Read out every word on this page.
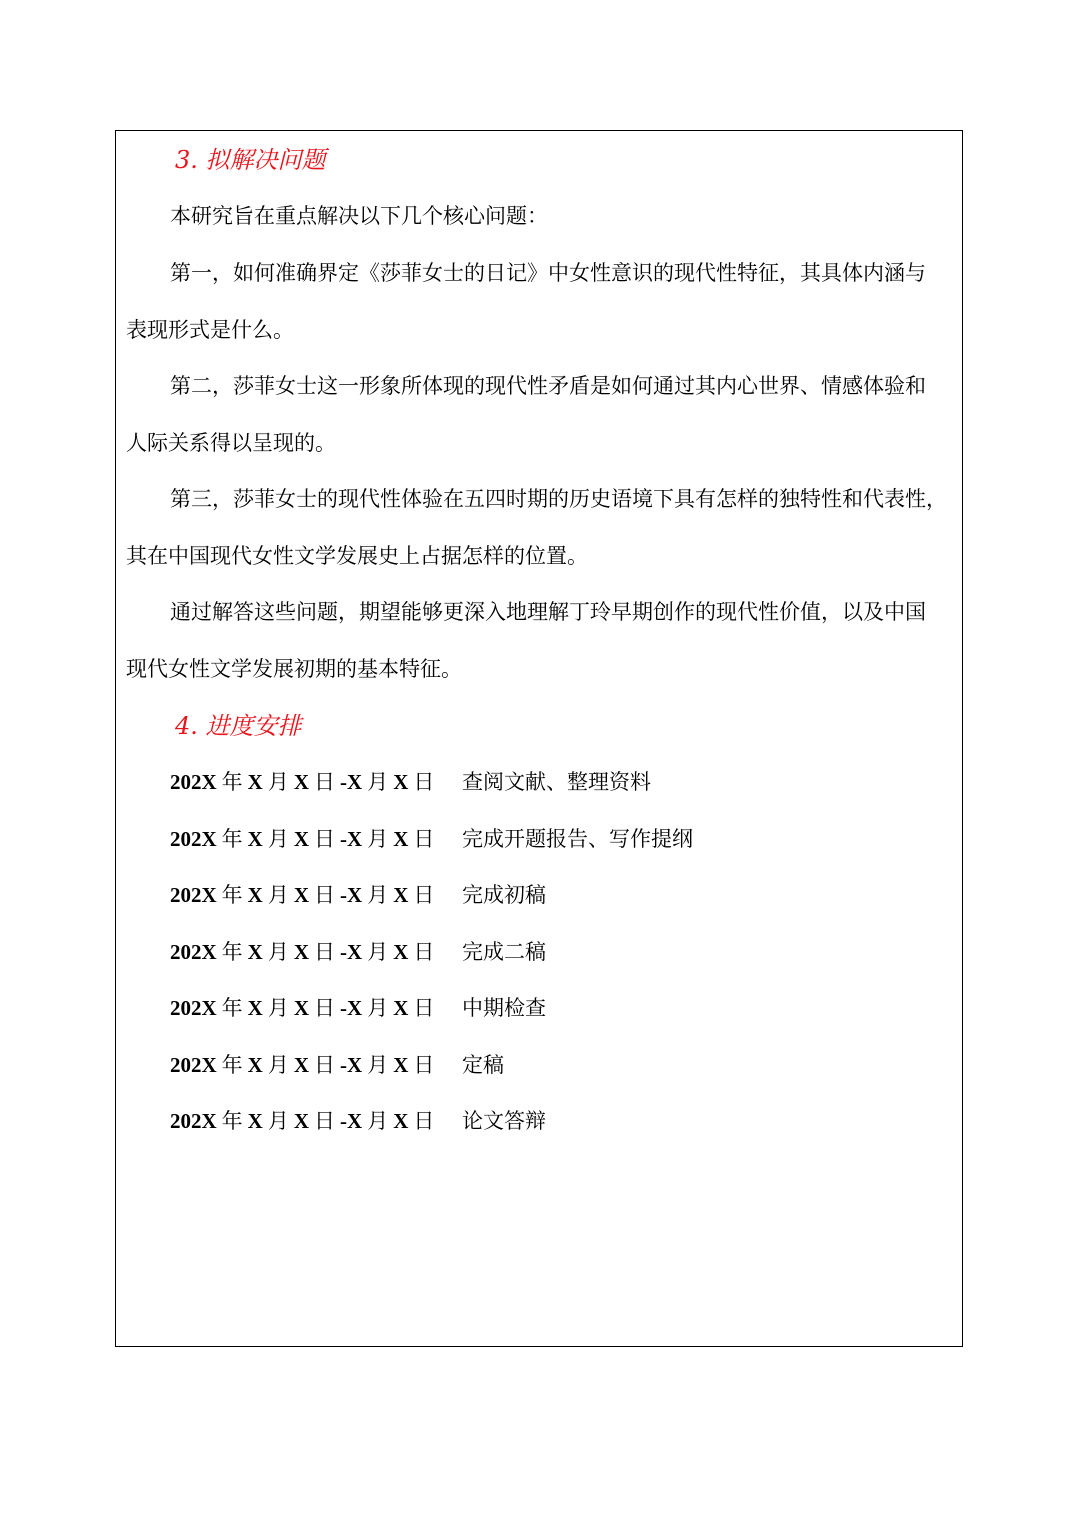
3. 拟解决问题
本研究旨在重点解决以下几个核心问题：
第一，如何准确界定《莎菲女士的日记》中女性意识的现代性特征，其具体内涵与
表现形式是什么。
第二，莎菲女士这一形象所体现的现代性矛盾是如何通过其内心世界、情感体验和
人际关系得以呈现的。
第三，莎菲女士的现代性体验在五四时期的历史语境下具有怎样的独特性和代表性，
其在中国现代女性文学发展史上占据怎样的位置。
通过解答这些问题，期望能够更深入地理解丁玲早期创作的现代性价值，以及中国
现代女性文学发展初期的基本特征。
4. 进度安排
202X 年 X 月 X 日 -X 月 X 日	查阅文献、整理资料
202X 年 X 月 X 日 -X 月 X 日	完成开题报告、写作提纲
202X 年 X 月 X 日 -X 月 X 日	完成初稿
202X 年 X 月 X 日 -X 月 X 日	完成二稿
202X 年 X 月 X 日 -X 月 X 日	中期检查
202X 年 X 月 X 日 -X 月 X 日	定稿
202X 年 X 月 X 日 -X 月 X 日	论文答辩
